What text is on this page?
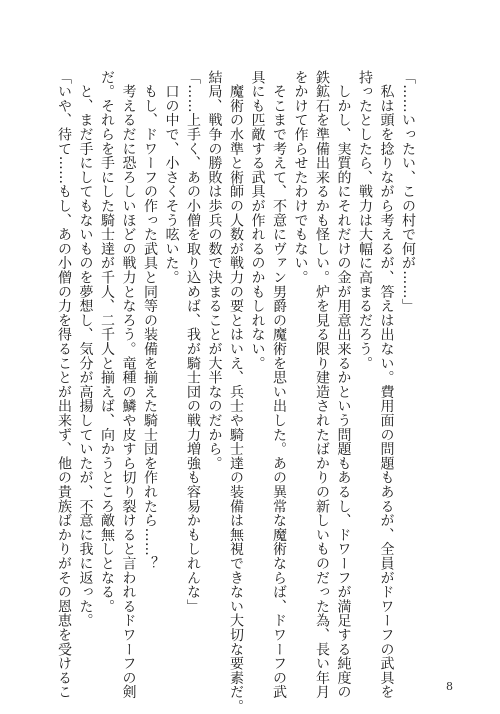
「……いったい、この村で何が……」
　私は頭を捻りながら考えるが、答えは出ない。費用面の問題もあるが、全員がドワーフの武具を
持ったとしたら、戦力は大幅に高まるだろう。
　しかし、実質的にそれだけの金が用意出来るかという問題もあるし、ドワーフが満足する純度の
鉄鉱石を準備出来るかも怪しい。炉を見る限り建造されたばかりの新しいものだった為、長い年月
をかけて作らせたわけでもない。
　そこまで考えて、不意にヴァン男爵の魔術を思い出した。あの異常な魔術ならば、ドワーフの武
具にも匹敵する武具が作れるのかもしれない。
　魔術の水準と術師の人数が戦力の要とはいえ、兵士や騎士達の装備は無視できない大切な要素だ。
結局、戦争の勝敗は歩兵の数で決まることが大半なのだから。
「……上手く、あの小僧を取り込めば、我が騎士団の戦力増強も容易かもしれんな」
　口の中で、小さくそう呟いた。
　もし、ドワーフの作った武具と同等の装備を揃えた騎士団を作れたら……？
　考えるだに恐ろしいほどの戦力となろう。竜種の鱗や皮すら切り裂けると言われるドワーフの剣
だ。それらを手にした騎士達が千人、二千人と揃えば、向かうところ敵無しとなる。
　と、まだ手にしてもないものを夢想し、気分が高揚していたが、不意に我に返った。
「いや、待て……もし、あの小僧の力を得ることが出来ず、他の貴族ばかりがその恩恵を受けるこ	8
